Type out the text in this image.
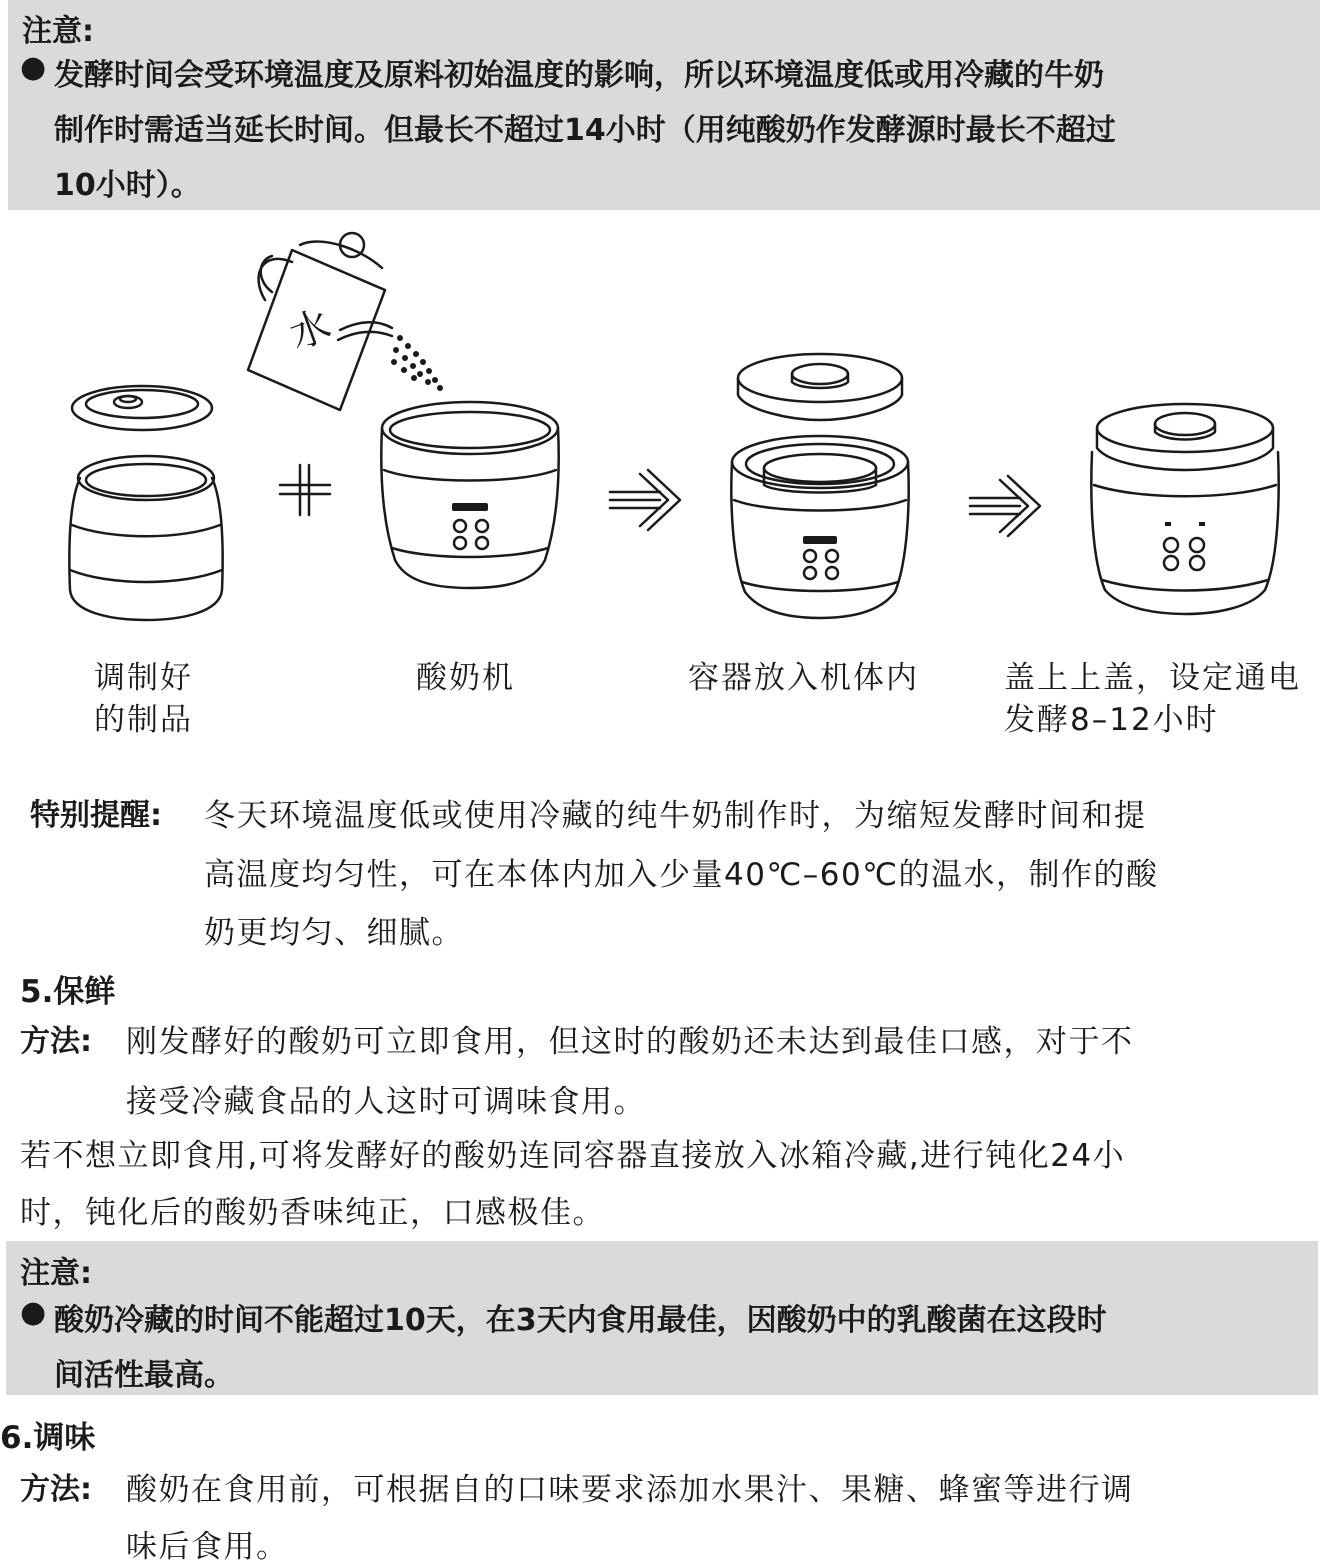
注意:
● 发酵时间会受环境温度及原料初始温度的影响，所以环境温度低或用冷藏的牛奶
制作时需适当延长时间。但最长不超过14小时（用纯酸奶作发酵源时最长不超过
10小时）。
水
调制好
的制品
酸奶机	容器放入机体内	盖上上盖，设定通电
发酵8–12小时
特别提醒: 冬天环境温度低或使用冷藏的纯牛奶制作时，为缩短发酵时间和提
高温度均匀性，可在本体内加入少量40℃–60℃的温水，制作的酸
奶更均匀、细腻。
5.保鲜
方法: 刚发酵好的酸奶可立即食用，但这时的酸奶还未达到最佳口感，对于不
接受冷藏食品的人这时可调味食用。
若不想立即食用,可将发酵好的酸奶连同容器直接放入冰箱冷藏,进行钝化24小
时，钝化后的酸奶香味纯正，口感极佳。
注意:
● 酸奶冷藏的时间不能超过10天，在3天内食用最佳，因酸奶中的乳酸菌在这段时
间活性最高。
6.调味
方法: 酸奶在食用前，可根据自的口味要求添加水果汁、果糖、蜂蜜等进行调
味后食用。
